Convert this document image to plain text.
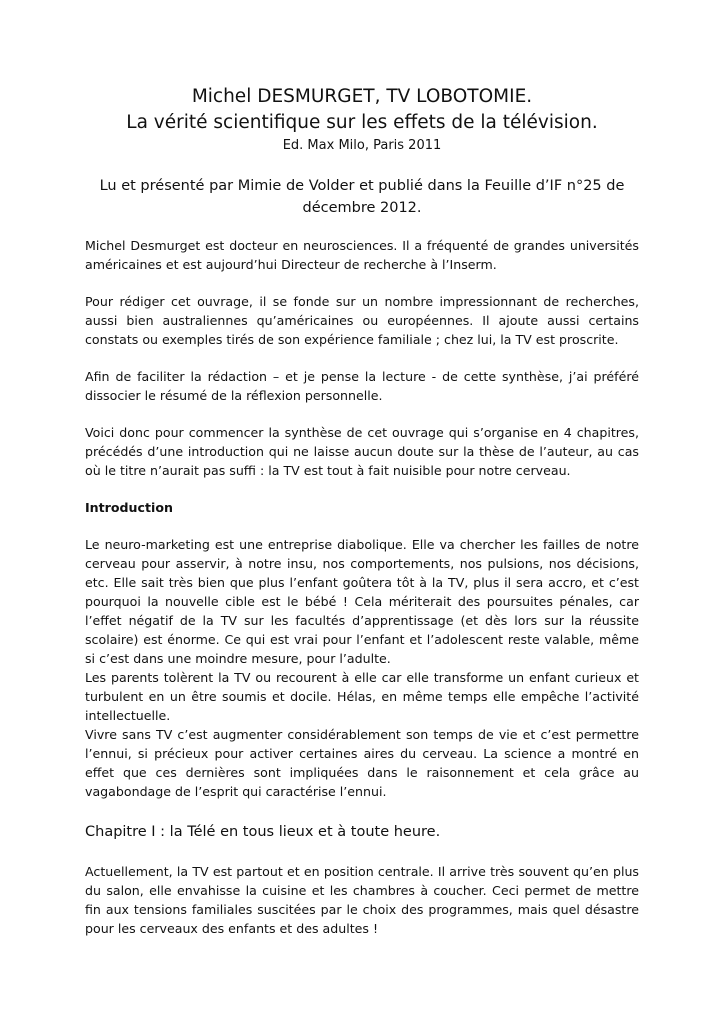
Michel DESMURGET, TV LOBOTOMIE.
La vérité scientifique sur les effets de la télévision.

Ed. Max Milo, Paris 2011

Lu et présenté par Mimie de Volder et publié dans la Feuille d’IF n°25 de décembre 2012.

Michel Desmurget est docteur en neurosciences. Il a fréquenté de grandes universités américaines et est aujourd’hui Directeur de recherche à l’Inserm.

Pour rédiger cet ouvrage, il se fonde sur un nombre impressionnant de recherches, aussi bien australiennes qu’américaines ou européennes. Il ajoute aussi certains constats ou exemples tirés de son expérience familiale ; chez lui, la TV est proscrite.

Afin de faciliter la rédaction – et je pense la lecture - de cette synthèse, j’ai préféré dissocier le résumé de la réflexion personnelle.

Voici donc pour commencer la synthèse de cet ouvrage qui s’organise en 4 chapitres, précédés d’une introduction qui ne laisse aucun doute sur la thèse de l’auteur, au cas où le titre n’aurait pas suffi : la TV est tout à fait nuisible pour notre cerveau.

Introduction

Le neuro-marketing est une entreprise diabolique. Elle va chercher les failles de notre cerveau pour asservir, à notre insu, nos comportements, nos pulsions, nos décisions, etc. Elle sait très bien que plus l’enfant goûtera tôt à la TV, plus il sera accro, et c’est pourquoi la nouvelle cible est le bébé ! Cela mériterait des poursuites pénales, car l’effet négatif de la TV sur les facultés d’apprentissage (et dès lors sur la réussite scolaire) est énorme. Ce qui est vrai pour l’enfant et l’adolescent reste valable, même si c’est dans une moindre mesure, pour l’adulte.

Les parents tolèrent la TV ou recourent à elle car elle transforme un enfant curieux et turbulent en un être soumis et docile. Hélas, en même temps elle empêche l’activité intellectuelle.

Vivre sans TV c’est augmenter considérablement son temps de vie et c’est permettre l’ennui, si précieux pour activer certaines aires du cerveau. La science a montré en effet que ces dernières sont impliquées dans le raisonnement et cela grâce au vagabondage de l’esprit qui caractérise l’ennui.

Chapitre I : la Télé en tous lieux et à toute heure.

Actuellement, la TV est partout et en position centrale. Il arrive très souvent qu’en plus du salon, elle envahisse la cuisine et les chambres à coucher. Ceci permet de mettre fin aux tensions familiales suscitées par le choix des programmes, mais quel désastre pour les cerveaux des enfants et des adultes !
